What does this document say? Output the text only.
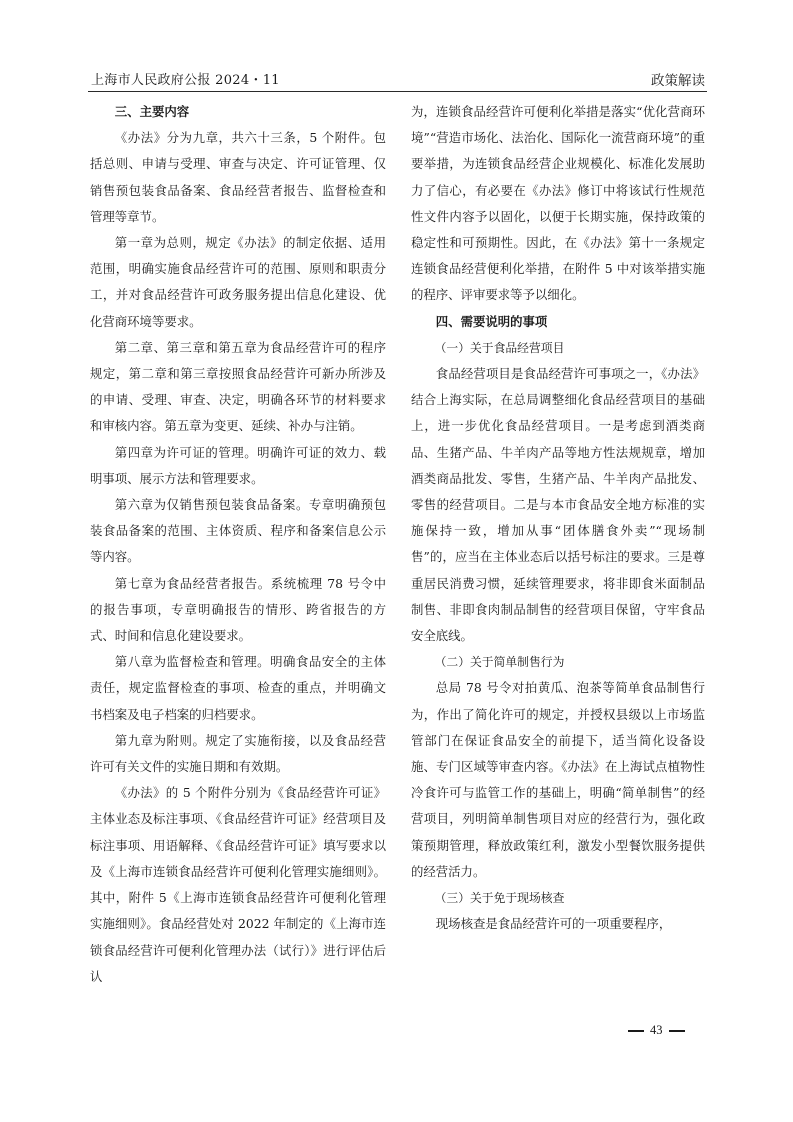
上海市人民政府公报 2024・11	政策解读

三、主要内容

《办法》分为九章，共六十三条，5 个附件。包括总则、申请与受理、审查与决定、许可证管理、仅销售预包装食品备案、食品经营者报告、监督检查和管理等章节。

第一章为总则，规定《办法》的制定依据、适用范围，明确实施食品经营许可的范围、原则和职责分工，并对食品经营许可政务服务提出信息化建设、优化营商环境等要求。

第二章、第三章和第五章为食品经营许可的程序规定，第二章和第三章按照食品经营许可新办所涉及的申请、受理、审查、决定，明确各环节的材料要求和审核内容。第五章为变更、延续、补办与注销。

第四章为许可证的管理。明确许可证的效力、载明事项、展示方法和管理要求。

第六章为仅销售预包装食品备案。专章明确预包装食品备案的范围、主体资质、程序和备案信息公示等内容。

第七章为食品经营者报告。系统梳理 78 号令中的报告事项，专章明确报告的情形、跨省报告的方式、时间和信息化建设要求。

第八章为监督检查和管理。明确食品安全的主体责任，规定监督检查的事项、检查的重点，并明确文书档案及电子档案的归档要求。

第九章为附则。规定了实施衔接，以及食品经营许可有关文件的实施日期和有效期。

《办法》的 5 个附件分别为《食品经营许可证》主体业态及标注事项、《食品经营许可证》经营项目及标注事项、用语解释、《食品经营许可证》填写要求以及《上海市连锁食品经营许可便利化管理实施细则》。其中，附件 5《上海市连锁食品经营许可便利化管理实施细则》。食品经营处对 2022 年制定的《上海市连锁食品经营许可便利化管理办法（试行）》进行评估后认

为，连锁食品经营许可便利化举措是落实“优化营商环境”“营造市场化、法治化、国际化一流营商环境”的重要举措，为连锁食品经营企业规模化、标准化发展助力了信心，有必要在《办法》修订中将该试行性规范性文件内容予以固化，以便于长期实施，保持政策的稳定性和可预期性。因此，在《办法》第十一条规定连锁食品经营便利化举措，在附件 5 中对该举措实施的程序、评审要求等予以细化。

四、需要说明的事项

（一）关于食品经营项目

食品经营项目是食品经营许可事项之一，《办法》结合上海实际，在总局调整细化食品经营项目的基础上，进一步优化食品经营项目。一是考虑到酒类商品、生猪产品、牛羊肉产品等地方性法规规章，增加酒类商品批发、零售，生猪产品、牛羊肉产品批发、零售的经营项目。二是与本市食品安全地方标准的实施保持一致，增加从事“团体膳食外卖”“现场制售”的，应当在主体业态后以括号标注的要求。三是尊重居民消费习惯，延续管理要求，将非即食米面制品制售、非即食肉制品制售的经营项目保留，守牢食品安全底线。

（二）关于简单制售行为

总局 78 号令对拍黄瓜、泡茶等简单食品制售行为，作出了简化许可的规定，并授权县级以上市场监管部门在保证食品安全的前提下，适当简化设备设施、专门区域等审查内容。《办法》在上海试点植物性冷食许可与监管工作的基础上，明确“简单制售”的经营项目，列明简单制售项目对应的经营行为，强化政策预期管理，释放政策红利，激发小型餐饮服务提供的经营活力。

（三）关于免于现场核查

现场核查是食品经营许可的一项重要程序，

43
